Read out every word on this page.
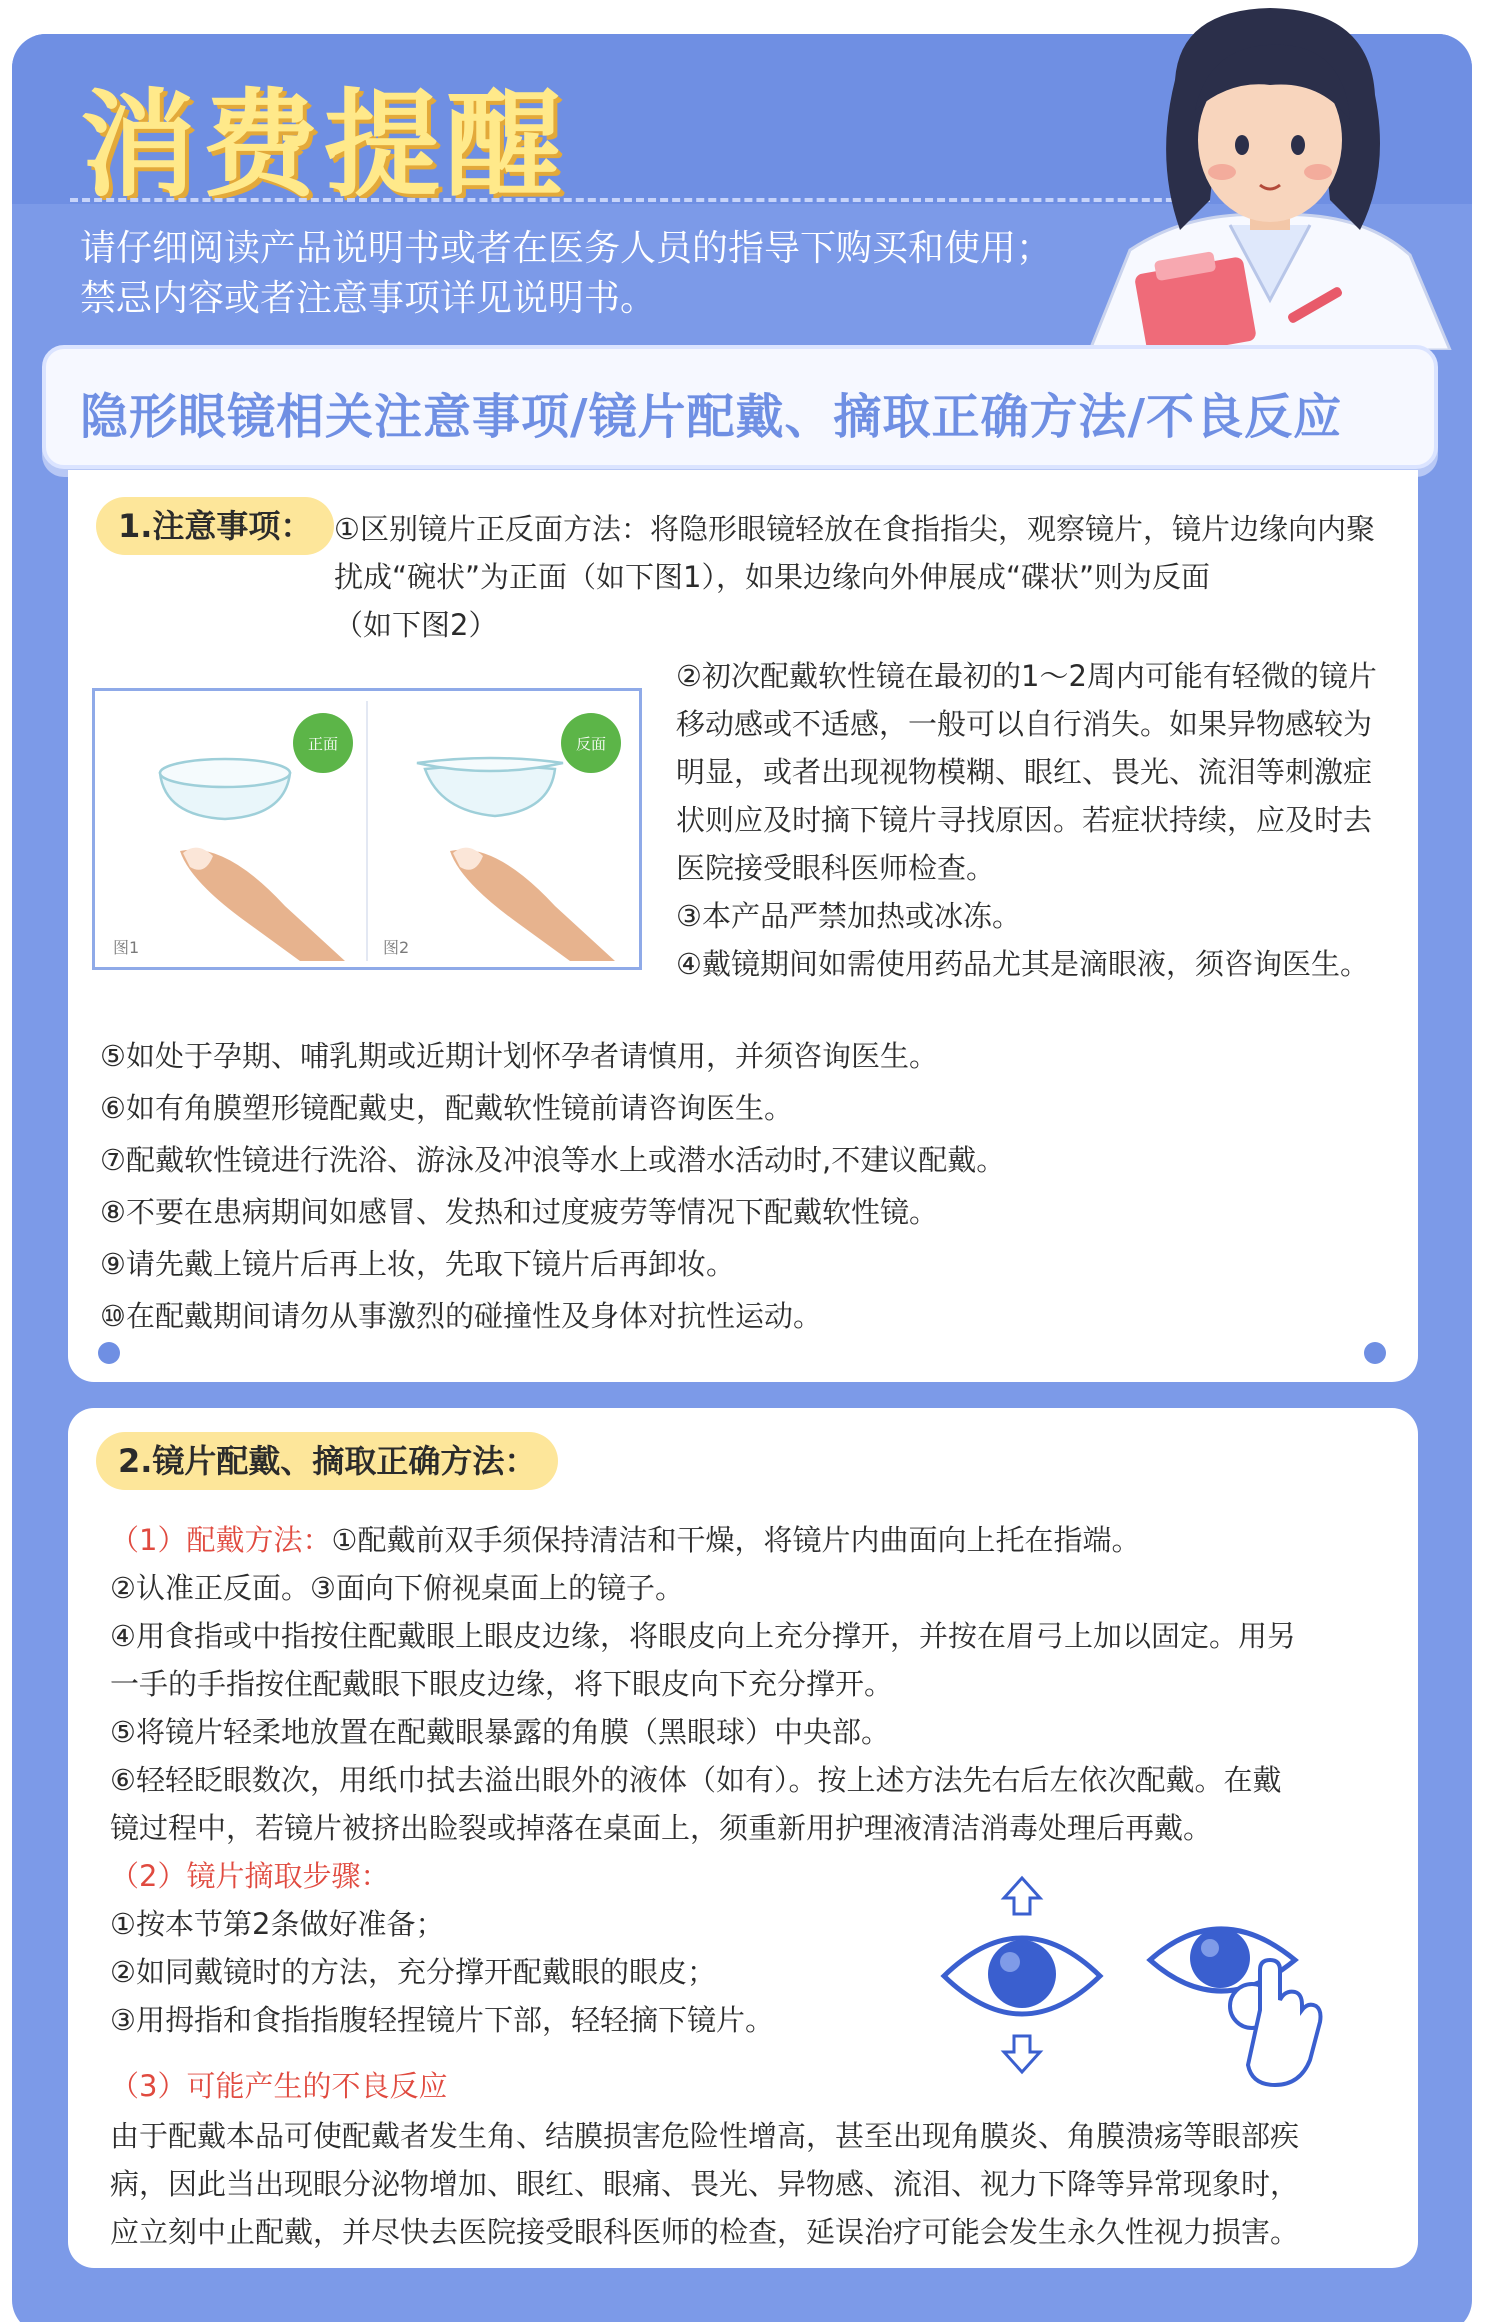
消费提醒
请仔细阅读产品说明书或者在医务人员的指导下购买和使用；
禁忌内容或者注意事项详见说明书。
隐形眼镜相关注意事项/镜片配戴、摘取正确方法/不良反应
1.注意事项： ①区别镜片正反面方法：将隐形眼镜轻放在食指指尖，观察镜片，镜片边缘向内聚
扰成“碗状”为正面（如下图1），如果边缘向外伸展成“碟状”则为反面
（如下图2）
正面
图1
反面
图2
②初次配戴软性镜在最初的1～2周内可能有轻微的镜片
移动感或不适感，一般可以自行消失。如果异物感较为
明显，或者出现视物模糊、眼红、畏光、流泪等刺激症
状则应及时摘下镜片寻找原因。若症状持续，应及时去
医院接受眼科医师检查。
③本产品严禁加热或冰冻。
④戴镜期间如需使用药品尤其是滴眼液，须咨询医生。
⑤如处于孕期、哺乳期或近期计划怀孕者请慎用，并须咨询医生。
⑥如有角膜塑形镜配戴史，配戴软性镜前请咨询医生。
⑦配戴软性镜进行洗浴、游泳及冲浪等水上或潜水活动时,不建议配戴。
⑧不要在患病期间如感冒、发热和过度疲劳等情况下配戴软性镜。
⑨请先戴上镜片后再上妆，先取下镜片后再卸妆。
⑩在配戴期间请勿从事激烈的碰撞性及身体对抗性运动。
2.镜片配戴、摘取正确方法：
（1）配戴方法：①配戴前双手须保持清洁和干燥，将镜片内曲面向上托在指端。
②认准正反面。③面向下俯视桌面上的镜子。
④用食指或中指按住配戴眼上眼皮边缘，将眼皮向上充分撑开，并按在眉弓上加以固定。用另
一手的手指按住配戴眼下眼皮边缘，将下眼皮向下充分撑开。
⑤将镜片轻柔地放置在配戴眼暴露的角膜（黑眼球）中央部。
⑥轻轻眨眼数次，用纸巾拭去溢出眼外的液体（如有）。按上述方法先右后左依次配戴。在戴
镜过程中，若镜片被挤出睑裂或掉落在桌面上，须重新用护理液清洁消毒处理后再戴。
（2）镜片摘取步骤：
①按本节第2条做好准备；
②如同戴镜时的方法，充分撑开配戴眼的眼皮；
③用拇指和食指指腹轻捏镜片下部，轻轻摘下镜片。
（3）可能产生的不良反应
由于配戴本品可使配戴者发生角、结膜损害危险性增高，甚至出现角膜炎、角膜溃疡等眼部疾
病，因此当出现眼分泌物增加、眼红、眼痛、畏光、异物感、流泪、视力下降等异常现象时，
应立刻中止配戴，并尽快去医院接受眼科医师的检查，延误治疗可能会发生永久性视力损害。
